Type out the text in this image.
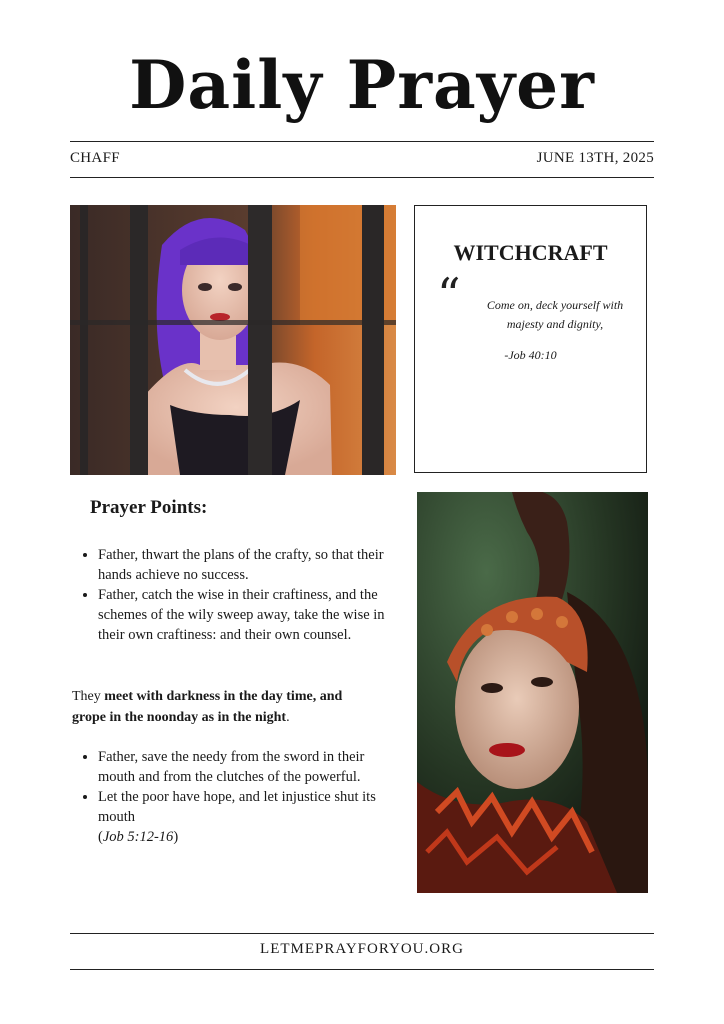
Daily Prayer
CHAFF	JUNE 13TH, 2025
WITCHCRAFT
“	Come on, deck yourself with majesty and dignity,
-Job 40:10
Prayer Points:
• Father, thwart the plans of the crafty, so that their hands achieve no success.
• Father, catch the wise in their craftiness, and the schemes of the wily sweep away, take the wise in their own craftiness: and their own counsel.
They meet with darkness in the day time, and grope in the noonday as in the night.
• Father, save the needy from the sword in their mouth and from the clutches of the powerful.
• Let the poor have hope, and let injustice shut its mouth
(Job 5:12-16)
LETMEPRAYFORYOU.ORG
